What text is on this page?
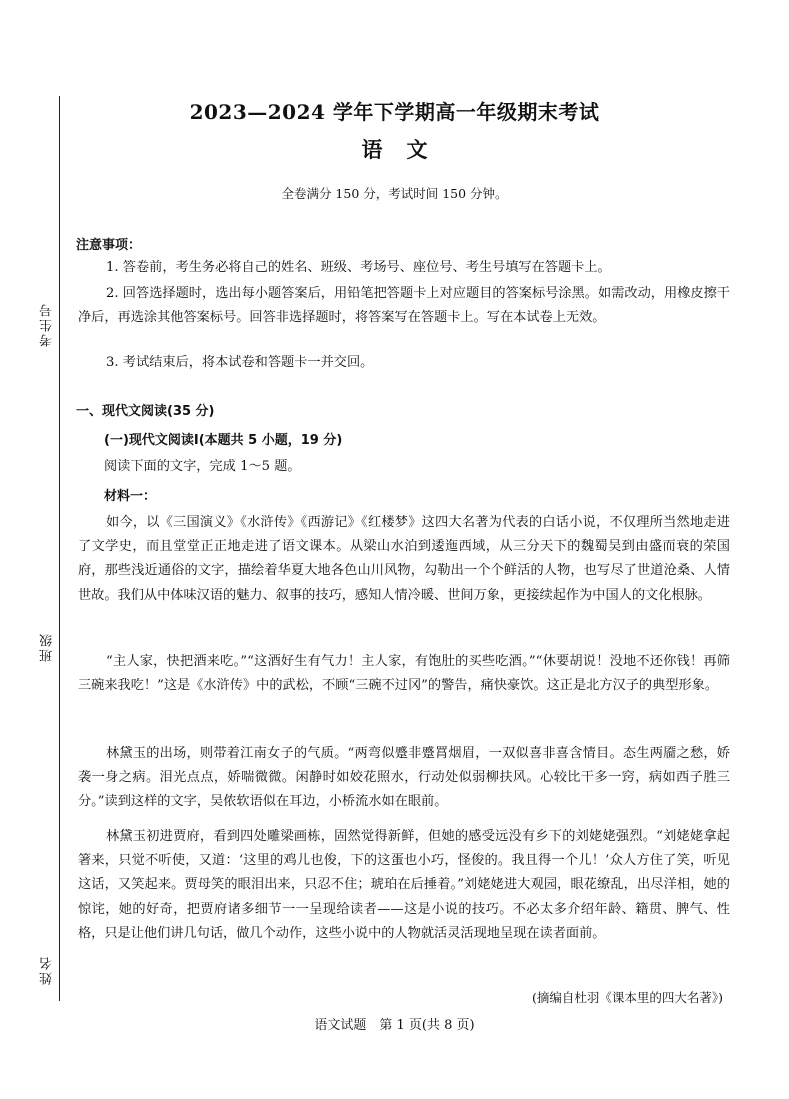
考生号
班级
姓名
2023—2024 学年下学期高一年级期末考试
语文
全卷满分 150 分，考试时间 150 分钟。
注意事项：
1. 答卷前，考生务必将自己的姓名、班级、考场号、座位号、考生号填写在答题卡上。
2. 回答选择题时，选出每小题答案后，用铅笔把答题卡上对应题目的答案标号涂黑。如需改动，用橡皮擦干净后，再选涂其他答案标号。回答非选择题时，将答案写在答题卡上。写在本试卷上无效。
3. 考试结束后，将本试卷和答题卡一并交回。
一、现代文阅读(35 分)
(一)现代文阅读Ⅰ(本题共 5 小题，19 分)
阅读下面的文字，完成 1～5 题。
材料一：
如今，以《三国演义》《水浒传》《西游记》《红楼梦》这四大名著为代表的白话小说，不仅理所当然地走进了文学史，而且堂堂正正地走进了语文课本。从梁山水泊到逶迤西域，从三分天下的魏蜀吴到由盛而衰的荣国府，那些浅近通俗的文字，描绘着华夏大地各色山川风物，勾勒出一个个鲜活的人物，也写尽了世道沧桑、人情世故。我们从中体味汉语的魅力、叙事的技巧，感知人情冷暖、世间万象，更接续起作为中国人的文化根脉。
“主人家，快把酒来吃。”“这酒好生有气力！主人家，有饱肚的买些吃酒。”“休要胡说！没地不还你钱！再筛三碗来我吃！”这是《水浒传》中的武松，不顾“三碗不过冈”的警告，痛快豪饮。这正是北方汉子的典型形象。
林黛玉的出场，则带着江南女子的气质。“两弯似蹙非蹙罥烟眉，一双似喜非喜含情目。态生两靥之愁，娇袭一身之病。泪光点点，娇喘微微。闲静时如姣花照水，行动处似弱柳扶风。心较比干多一窍，病如西子胜三分。”读到这样的文字，吴侬软语似在耳边，小桥流水如在眼前。
林黛玉初进贾府，看到四处雕梁画栋，固然觉得新鲜，但她的感受远没有乡下的刘姥姥强烈。“刘姥姥拿起箸来，只觉不听使，又道：‘这里的鸡儿也俊，下的这蛋也小巧，怪俊的。我且得一个儿！’众人方住了笑，听见这话，又笑起来。贾母笑的眼泪出来，只忍不住；琥珀在后捶着。”刘姥姥进大观园，眼花缭乱，出尽洋相，她的惊诧，她的好奇，把贾府诸多细节一一呈现给读者——这是小说的技巧。不必太多介绍年龄、籍贯、脾气、性格，只是让他们讲几句话，做几个动作，这些小说中的人物就活灵活现地呈现在读者面前。
(摘编自杜羽《课本里的四大名著》)
语文试题　第 1 页(共 8 页)
